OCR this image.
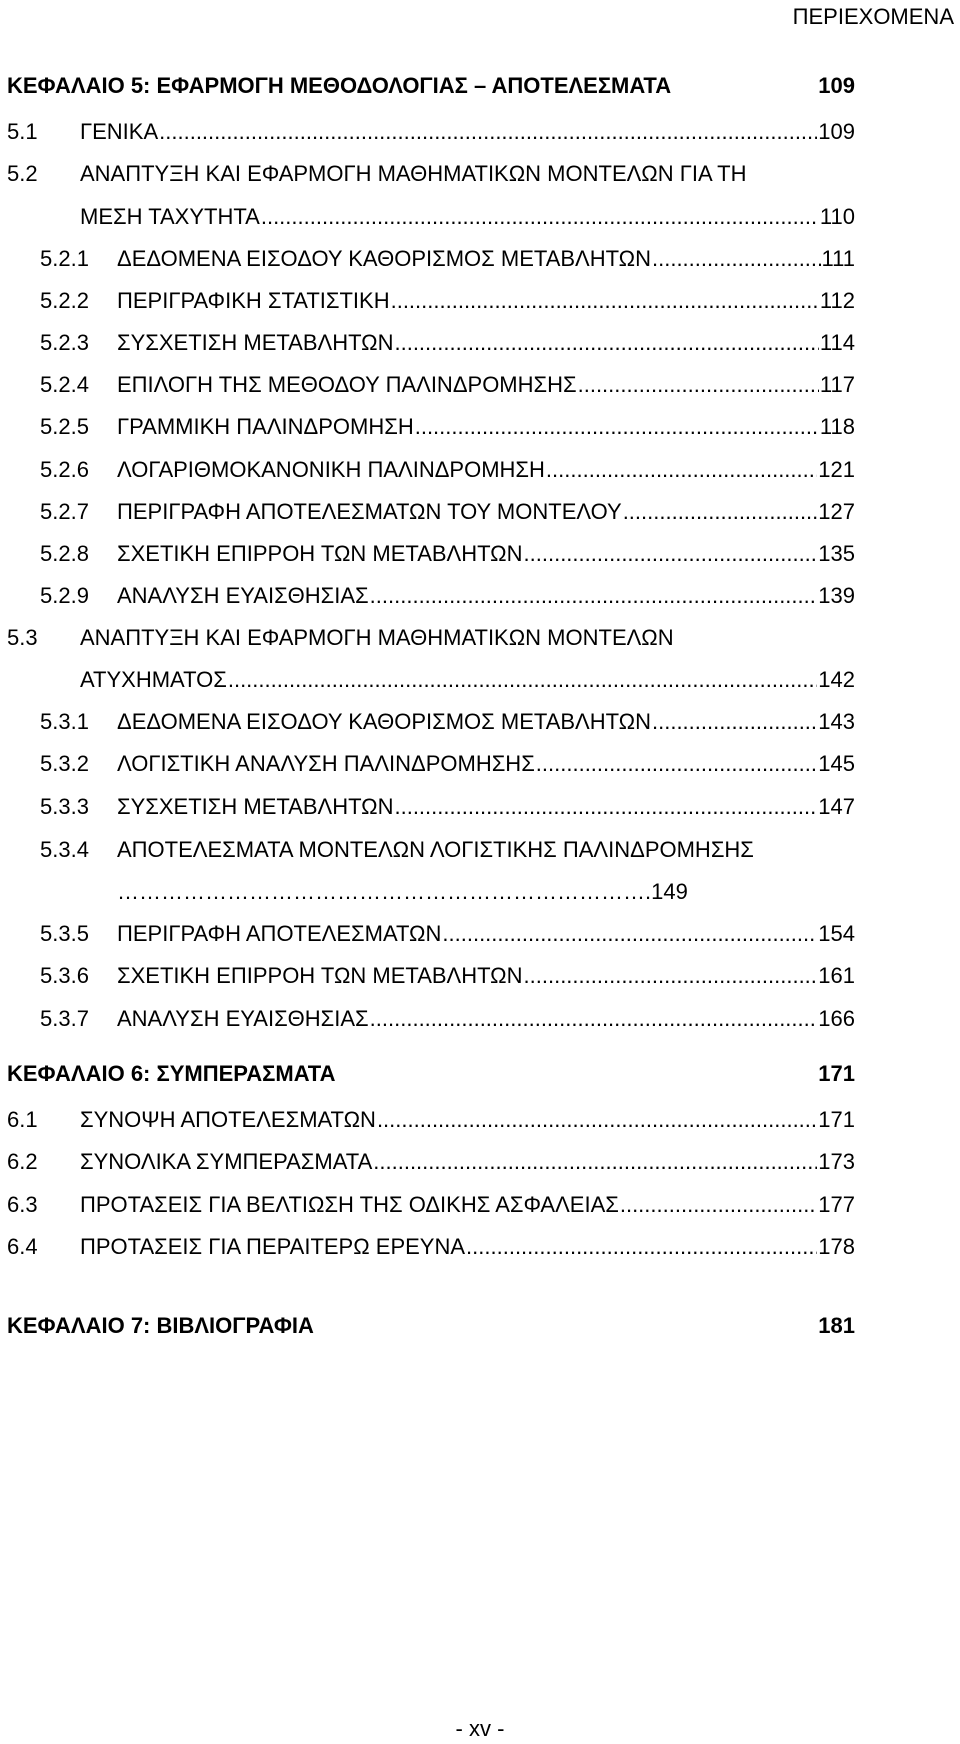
ΠΕΡΙΕΧΟΜΕΝΑ
ΚΕΦΑΛΑΙΟ 5: ΕΦΑΡΜΟΓΗ ΜΕΘΟΔΟΛΟΓΙΑΣ – ΑΠΟΤΕΛΕΣΜΑΤΑ	109
5.1 ΓΕΝΙΚΑ .....	109
5.2 ΑΝΑΠΤΥΞΗ ΚΑΙ ΕΦΑΡΜΟΓΗ ΜΑΘΗΜΑΤΙΚΩΝ ΜΟΝΤΕΛΩΝ ΓΙΑ ΤΗ
ΜΕΣΗ ΤΑΧΥΤΗΤΑ .....	110
5.2.1 ΔΕΔΟΜΕΝΑ ΕΙΣΟΔΟΥ ΚΑΘΟΡΙΣΜΟΣ ΜΕΤΑΒΛΗΤΩΝ .....	111
5.2.2 ΠΕΡΙΓΡΑΦΙΚΗ ΣΤΑΤΙΣΤΙΚΗ .....	112
5.2.3 ΣΥΣΧΕΤΙΣΗ ΜΕΤΑΒΛΗΤΩΝ .....	114
5.2.4 ΕΠΙΛΟΓΗ ΤΗΣ ΜΕΘΟΔΟΥ ΠΑΛΙΝΔΡΟΜΗΣΗΣ .....	117
5.2.5 ΓΡΑΜΜΙΚΗ ΠΑΛΙΝΔΡΟΜΗΣΗ .....	118
5.2.6 ΛΟΓΑΡΙΘΜΟΚΑΝΟΝΙΚΗ ΠΑΛΙΝΔΡΟΜΗΣΗ .....	121
5.2.7 ΠΕΡΙΓΡΑΦΗ ΑΠΟΤΕΛΕΣΜΑΤΩΝ ΤΟΥ ΜΟΝΤΕΛΟΥ .....	127
5.2.8 ΣΧΕΤΙΚΗ ΕΠΙΡΡΟΗ ΤΩΝ ΜΕΤΑΒΛΗΤΩΝ .....	135
5.2.9 ΑΝΑΛΥΣΗ ΕΥΑΙΣΘΗΣΙΑΣ .....	139
5.3 ΑΝΑΠΤΥΞΗ ΚΑΙ ΕΦΑΡΜΟΓΗ ΜΑΘΗΜΑΤΙΚΩΝ ΜΟΝΤΕΛΩΝ
ΑΤΥΧΗΜΑΤΟΣ .....	142
5.3.1 ΔΕΔΟΜΕΝΑ ΕΙΣΟΔΟΥ ΚΑΘΟΡΙΣΜΟΣ ΜΕΤΑΒΛΗΤΩΝ .....	143
5.3.2 ΛΟΓΙΣΤΙΚΗ ΑΝΑΛΥΣΗ ΠΑΛΙΝΔΡΟΜΗΣΗΣ .....	145
5.3.3 ΣΥΣΧΕΤΙΣΗ ΜΕΤΑΒΛΗΤΩΝ .....	147
5.3.4 ΑΠΟΤΕΛΕΣΜΑΤΑ ΜΟΝΤΕΛΩΝ ΛΟΓΙΣΤΙΚΗΣ ΠΑΛΙΝΔΡΟΜΗΣΗΣ
……………………………………………………………….149
5.3.5 ΠΕΡΙΓΡΑΦΗ ΑΠΟΤΕΛΕΣΜΑΤΩΝ .....	154
5.3.6 ΣΧΕΤΙΚΗ ΕΠΙΡΡΟΗ ΤΩΝ ΜΕΤΑΒΛΗΤΩΝ .....	161
5.3.7 ΑΝΑΛΥΣΗ ΕΥΑΙΣΘΗΣΙΑΣ .....	166
ΚΕΦΑΛΑΙΟ 6: ΣΥΜΠΕΡΑΣΜΑΤΑ	171
6.1 ΣΥΝΟΨΗ ΑΠΟΤΕΛΕΣΜΑΤΩΝ .....	171
6.2 ΣΥΝΟΛΙΚΑ ΣΥΜΠΕΡΑΣΜΑΤΑ .....	173
6.3 ΠΡΟΤΑΣΕΙΣ ΓΙΑ ΒΕΛΤΙΩΣΗ ΤΗΣ ΟΔΙΚΗΣ ΑΣΦΑΛΕΙΑΣ .....	177
6.4 ΠΡΟΤΑΣΕΙΣ ΓΙΑ ΠΕΡΑΙΤΕΡΩ ΕΡΕΥΝΑ .....	178
ΚΕΦΑΛΑΙΟ 7: ΒΙΒΛΙΟΓΡΑΦΙΑ	181
- xv -
